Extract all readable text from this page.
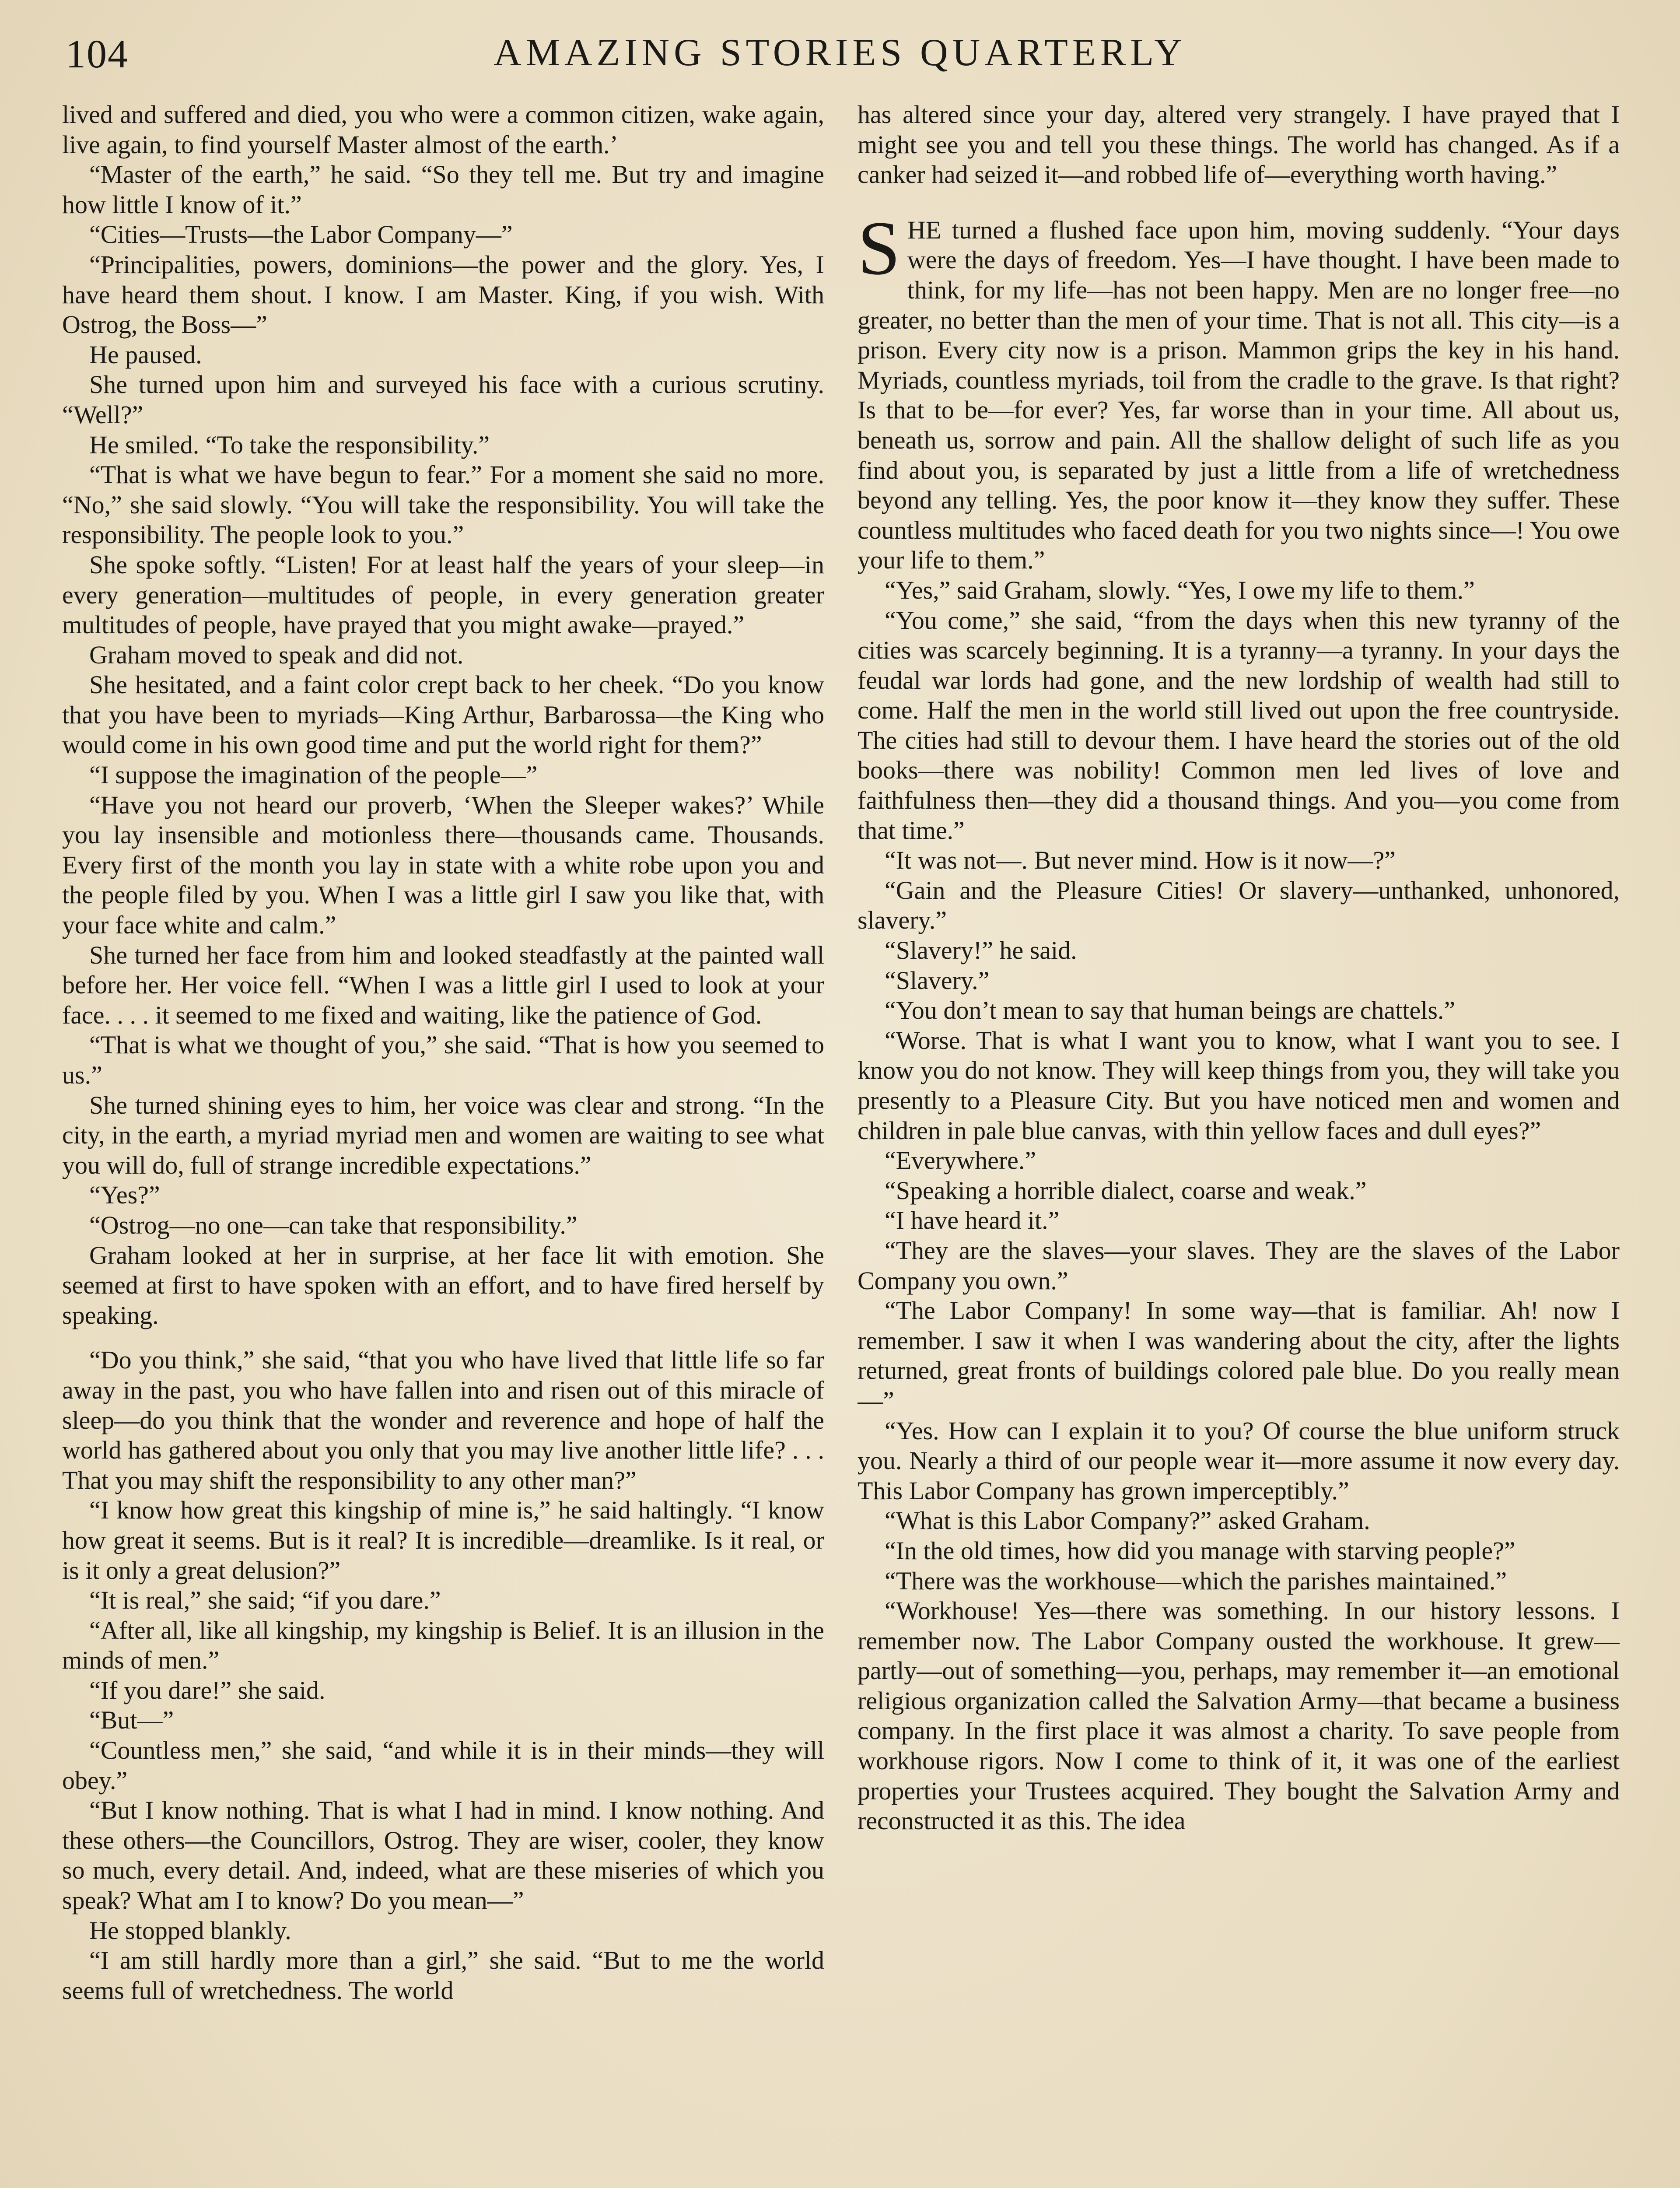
104	AMAZING STORIES QUARTERLY

lived and suffered and died, you who were a common citizen, wake again, live again, to find yourself Master almost of the earth.’

“Master of the earth,” he said. “So they tell me. But try and imagine how little I know of it.”

“Cities—Trusts—the Labor Company—”

“Principalities, powers, dominions—the power and the glory. Yes, I have heard them shout. I know. I am Master. King, if you wish. With Ostrog, the Boss—”

He paused.

She turned upon him and surveyed his face with a curious scrutiny. “Well?”

He smiled. “To take the responsibility.”

“That is what we have begun to fear.” For a moment she said no more. “No,” she said slowly. “You will take the responsibility. You will take the responsibility. The people look to you.”

She spoke softly. “Listen! For at least half the years of your sleep—in every generation—multitudes of people, in every generation greater multitudes of people, have prayed that you might awake—prayed.”

Graham moved to speak and did not.

She hesitated, and a faint color crept back to her cheek. “Do you know that you have been to myriads—King Arthur, Barbarossa—the King who would come in his own good time and put the world right for them?”

“I suppose the imagination of the people—”

“Have you not heard our proverb, ‘When the Sleeper wakes?’ While you lay insensible and motionless there—thousands came. Thousands. Every first of the month you lay in state with a white robe upon you and the people filed by you. When I was a little girl I saw you like that, with your face white and calm.”

She turned her face from him and looked steadfastly at the painted wall before her. Her voice fell. “When I was a little girl I used to look at your face. . . . it seemed to me fixed and waiting, like the patience of God.

“That is what we thought of you,” she said. “That is how you seemed to us.”

She turned shining eyes to him, her voice was clear and strong. “In the city, in the earth, a myriad myriad men and women are waiting to see what you will do, full of strange incredible expectations.”

“Yes?”

“Ostrog—no one—can take that responsibility.”

Graham looked at her in surprise, at her face lit with emotion. She seemed at first to have spoken with an effort, and to have fired herself by speaking.

“Do you think,” she said, “that you who have lived that little life so far away in the past, you who have fallen into and risen out of this miracle of sleep—do you think that the wonder and reverence and hope of half the world has gathered about you only that you may live another little life? . . . That you may shift the responsibility to any other man?”

“I know how great this kingship of mine is,” he said haltingly. “I know how great it seems. But is it real? It is incredible—dreamlike. Is it real, or is it only a great delusion?”

“It is real,” she said; “if you dare.”

“After all, like all kingship, my kingship is Belief. It is an illusion in the minds of men.”

“If you dare!” she said.

“But—”

“Countless men,” she said, “and while it is in their minds—they will obey.”

“But I know nothing. That is what I had in mind. I know nothing. And these others—the Councillors, Ostrog. They are wiser, cooler, they know so much, every detail. And, indeed, what are these miseries of which you speak? What am I to know? Do you mean—”

He stopped blankly.

“I am still hardly more than a girl,” she said. “But to me the world seems full of wretchedness. The world

has altered since your day, altered very strangely. I have prayed that I might see you and tell you these things. The world has changed. As if a canker had seized it—and robbed life of—everything worth having.”

SHE turned a flushed face upon him, moving suddenly. “Your days were the days of freedom. Yes—I have thought. I have been made to think, for my life—has not been happy. Men are no longer free—no greater, no better than the men of your time. That is not all. This city—is a prison. Every city now is a prison. Mammon grips the key in his hand. Myriads, countless myriads, toil from the cradle to the grave. Is that right? Is that to be—for ever? Yes, far worse than in your time. All about us, beneath us, sorrow and pain. All the shallow delight of such life as you find about you, is separated by just a little from a life of wretchedness beyond any telling. Yes, the poor know it—they know they suffer. These countless multitudes who faced death for you two nights since—! You owe your life to them.”

“Yes,” said Graham, slowly. “Yes, I owe my life to them.”

“You come,” she said, “from the days when this new tyranny of the cities was scarcely beginning. It is a tyranny—a tyranny. In your days the feudal war lords had gone, and the new lordship of wealth had still to come. Half the men in the world still lived out upon the free countryside. The cities had still to devour them. I have heard the stories out of the old books—there was nobility! Common men led lives of love and faithfulness then—they did a thousand things. And you—you come from that time.”

“It was not—. But never mind. How is it now—?”

“Gain and the Pleasure Cities! Or slavery—unthanked, unhonored, slavery.”

“Slavery!” he said.

“Slavery.”

“You don’t mean to say that human beings are chattels.”

“Worse. That is what I want you to know, what I want you to see. I know you do not know. They will keep things from you, they will take you presently to a Pleasure City. But you have noticed men and women and children in pale blue canvas, with thin yellow faces and dull eyes?”

“Everywhere.”

“Speaking a horrible dialect, coarse and weak.”

“I have heard it.”

“They are the slaves—your slaves. They are the slaves of the Labor Company you own.”

“The Labor Company! In some way—that is familiar. Ah! now I remember. I saw it when I was wandering about the city, after the lights returned, great fronts of buildings colored pale blue. Do you really mean—”

“Yes. How can I explain it to you? Of course the blue uniform struck you. Nearly a third of our people wear it—more assume it now every day. This Labor Company has grown imperceptibly.”

“What is this Labor Company?” asked Graham.

“In the old times, how did you manage with starving people?”

“There was the workhouse—which the parishes maintained.”

“Workhouse! Yes—there was something. In our history lessons. I remember now. The Labor Company ousted the workhouse. It grew—partly—out of something—you, perhaps, may remember it—an emotional religious organization called the Salvation Army—that became a business company. In the first place it was almost a charity. To save people from workhouse rigors. Now I come to think of it, it was one of the earliest properties your Trustees acquired. They bought the Salvation Army and reconstructed it as this. The idea
